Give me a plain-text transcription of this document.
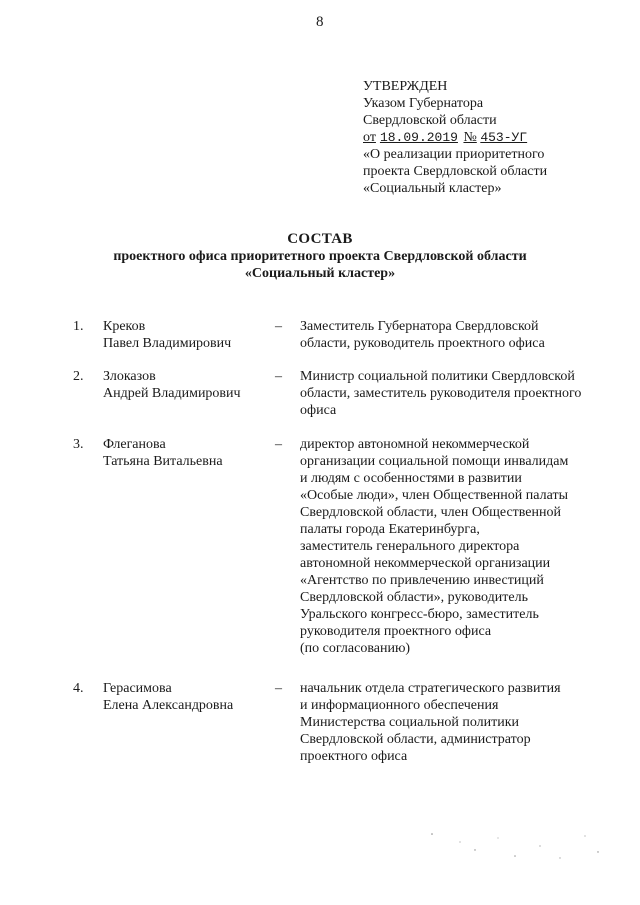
8
УТВЕРЖДЕН
Указом Губернатора
Свердловской области
от 18.09.2019 № 453-УГ
«О реализации приоритетного
проекта Свердловской области
«Социальный кластер»
СОСТАВ
проектного офиса приоритетного проекта Свердловской области
«Социальный кластер»
1. Креков
Павел Владимирович
– Заместитель Губернатора Свердловской
области, руководитель проектного офиса
2. Злоказов
Андрей Владимирович
– Министр социальной политики Свердловской
области, заместитель руководителя проектного
офиса
3. Флеганова
Татьяна Витальевна
– директор автономной некоммерческой
организации социальной помощи инвалидам
и людям с особенностями в развитии
«Особые люди», член Общественной палаты
Свердловской области, член Общественной
палаты города Екатеринбурга,
заместитель генерального директора
автономной некоммерческой организации
«Агентство по привлечению инвестиций
Свердловской области», руководитель
Уральского конгресс-бюро, заместитель
руководителя проектного офиса
(по согласованию)
4. Герасимова
Елена Александровна
– начальник отдела стратегического развития
и информационного обеспечения
Министерства социальной политики
Свердловской области, администратор
проектного офиса
